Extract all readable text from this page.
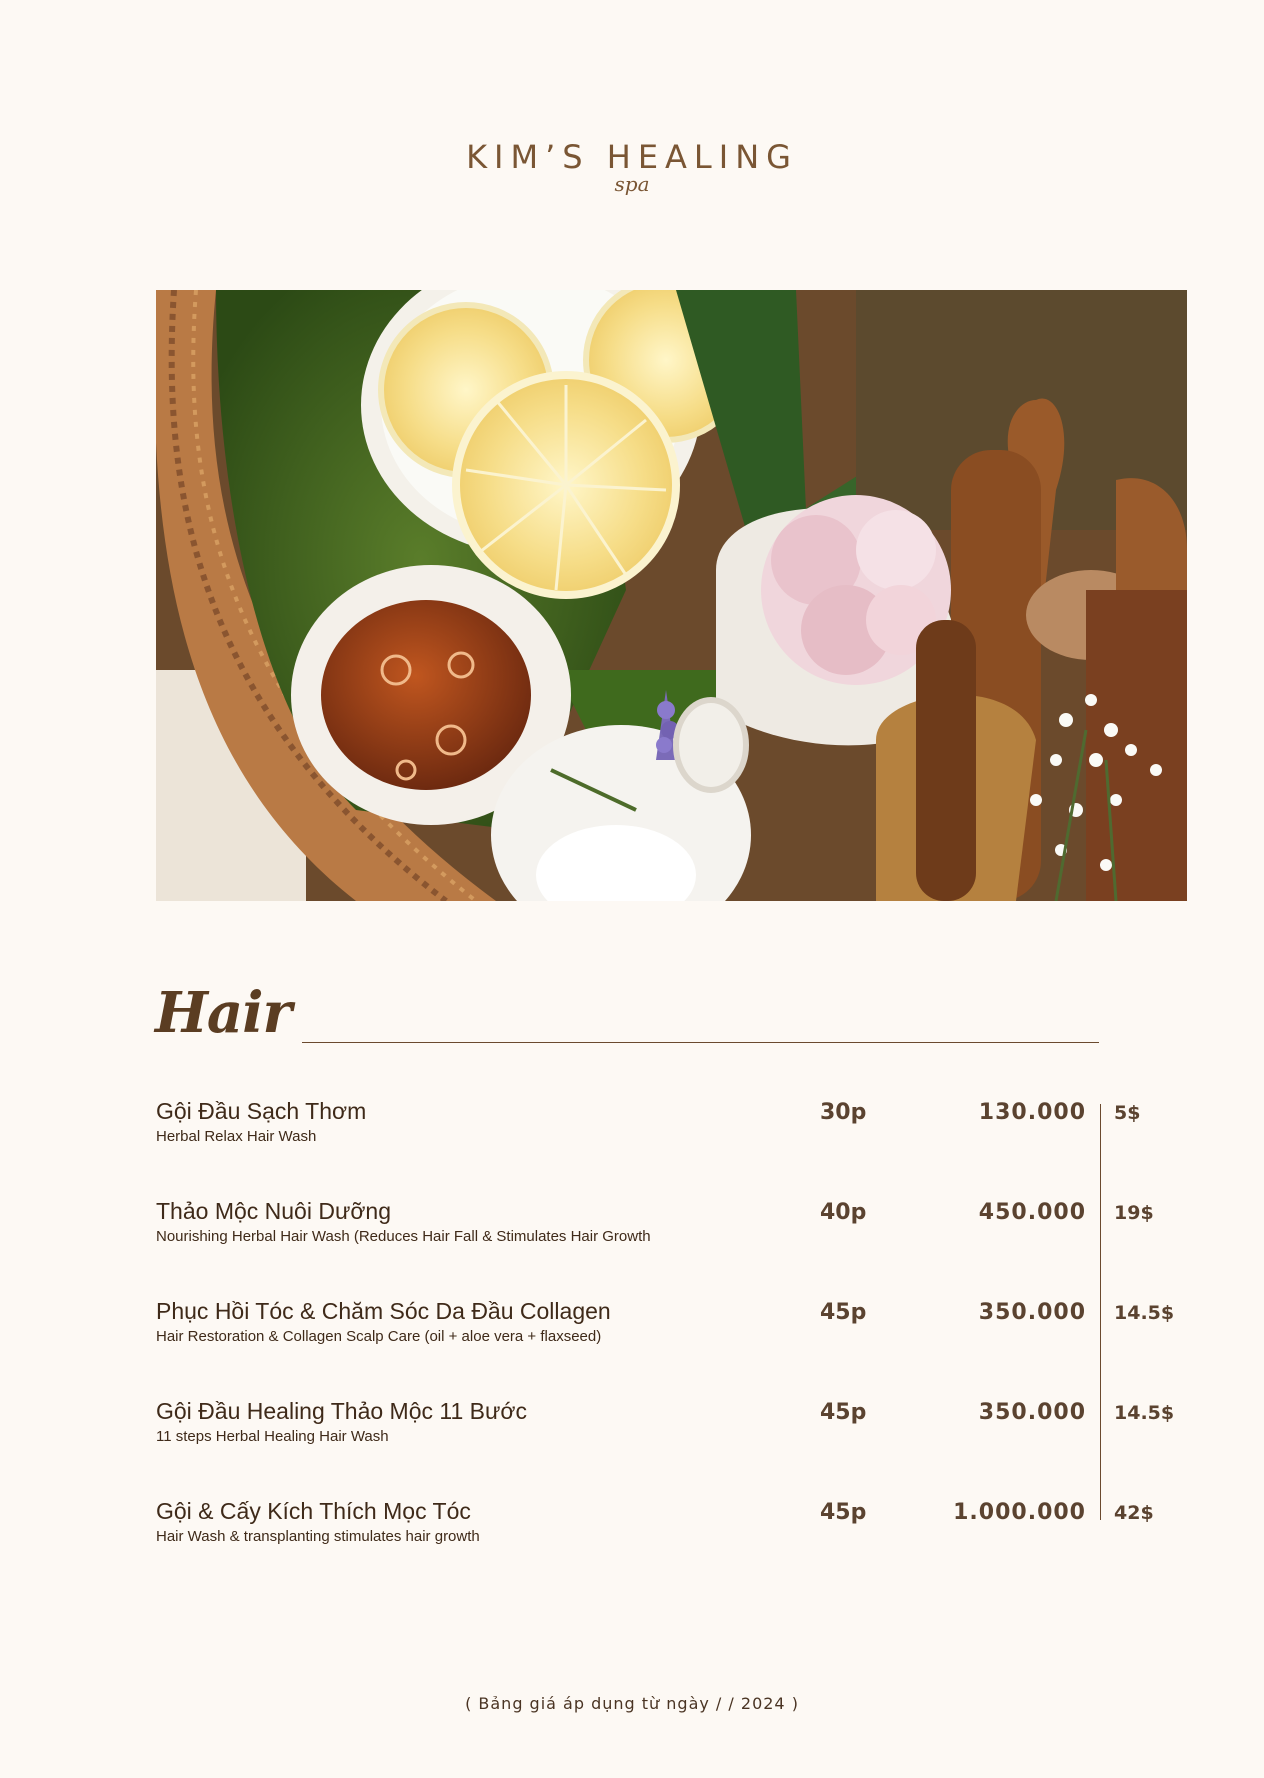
KIM’S HEALING
spa
Hair
Gội Đầu Sạch Thơm
Herbal Relax Hair Wash
30p	130.000 5$
Thảo Mộc Nuôi Dưỡng
Nourishing Herbal Hair Wash (Reduces Hair Fall & Stimulates Hair Growth
40p	450.000 19$
Phục Hồi Tóc & Chăm Sóc Da Đầu Collagen
Hair Restoration & Collagen Scalp Care (oil + aloe vera + flaxseed)
45p	350.000 14.5$
Gội Đầu Healing Thảo Mộc 11 Bước
11 steps Herbal Healing Hair Wash
45p	350.000 14.5$
Gội & Cấy Kích Thích Mọc Tóc
Hair Wash & transplanting stimulates hair growth
45p	1.000.000 42$
( Bảng giá áp dụng từ ngày / / 2024 )
